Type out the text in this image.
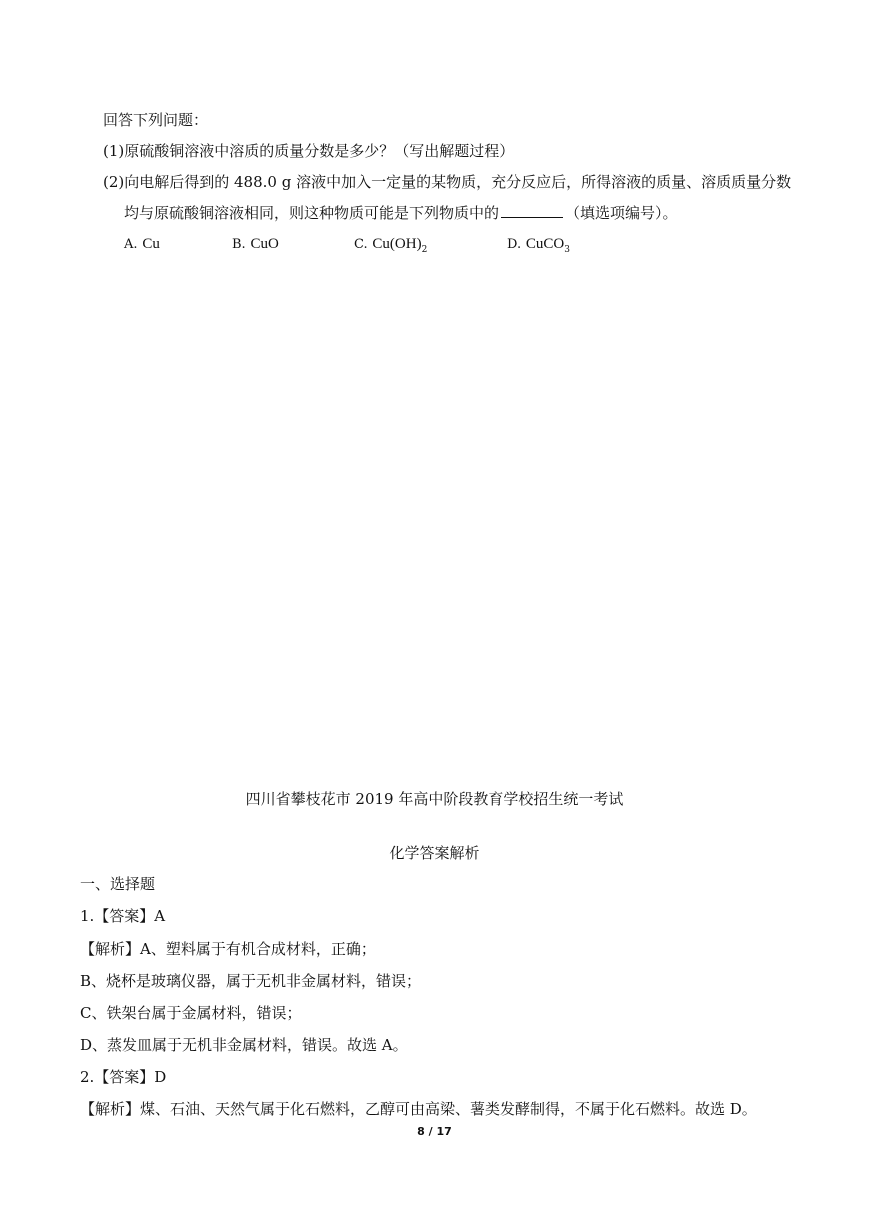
回答下列问题：
(1)原硫酸铜溶液中溶质的质量分数是多少？（写出解题过程）
(2)向电解后得到的 488.0 g 溶液中加入一定量的某物质，充分反应后，所得溶液的质量、溶质质量分数
均与原硫酸铜溶液相同，则这种物质可能是下列物质中的	（填选项编号）。
A. Cu	B. CuO	C. $Cu(OH)_2$	D. CuCO$_3$
四川省攀枝花市 2019 年高中阶段教育学校招生统一考试
化学答案解析
一、选择题
1.【答案】A
【解析】A、塑料属于有机合成材料，正确；
B、烧杯是玻璃仪器，属于无机非金属材料，错误；
C、铁架台属于金属材料，错误；
D、蒸发皿属于无机非金属材料，错误。故选 A。
2.【答案】D
【解析】煤、石油、天然气属于化石燃料，乙醇可由高梁、薯类发酵制得，不属于化石燃料。故选 D。
8 / 17
